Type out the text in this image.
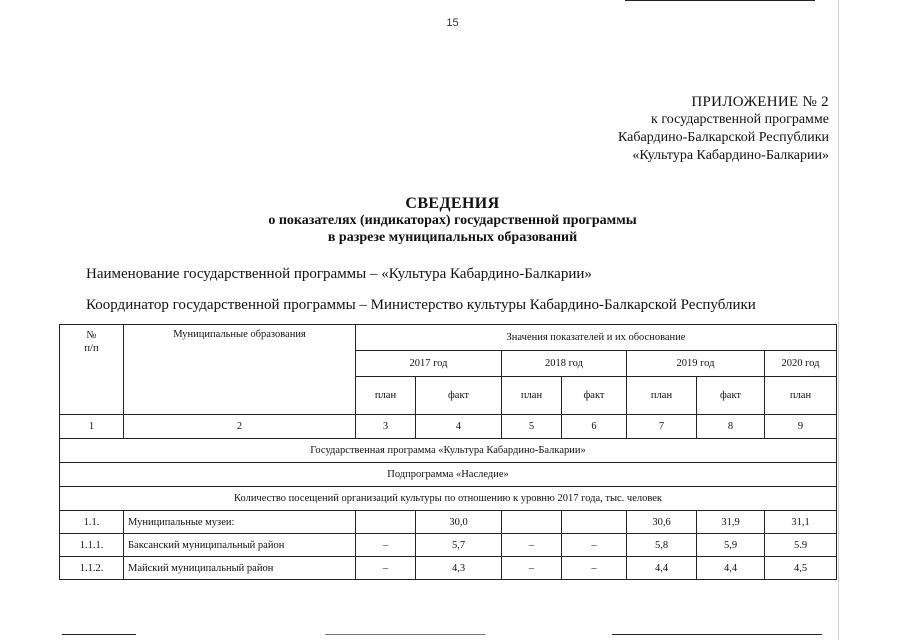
15
ПРИЛОЖЕНИЕ № 2
к государственной программе
Кабардино-Балкарской Республики
«Культура Кабардино-Балкарии»
СВЕДЕНИЯ
о показателях (индикаторах) государственной программы
в разрезе муниципальных образований
Наименование государственной программы – «Культура Кабардино-Балкарии»
Координатор государственной программы – Министерство культуры Кабардино-Балкарской Республики
№
п/п	Муниципальные образования	Значения показателей и их обоснование						
		2017 год		2018 год		2019 год		2020 год
		план	факт	план	факт	план	факт	план
1	2	3	4	5	6	7	8	9
Государственная программа «Культура Кабардино-Балкарии»								
Подпрограмма «Наследие»								
Количество посещений организаций культуры по отношению к уровню 2017 года, тыс. человек								
1.1.	Муниципальные музеи:		30,0			30,6	31,9	31,1
1.1.1.	Баксанский муниципальный район	–	5,7	–	–	5,8	5,9	5.9
1.1.2.	Майский муниципальный район	–	4,3	–	–	4,4	4,4	4,5
